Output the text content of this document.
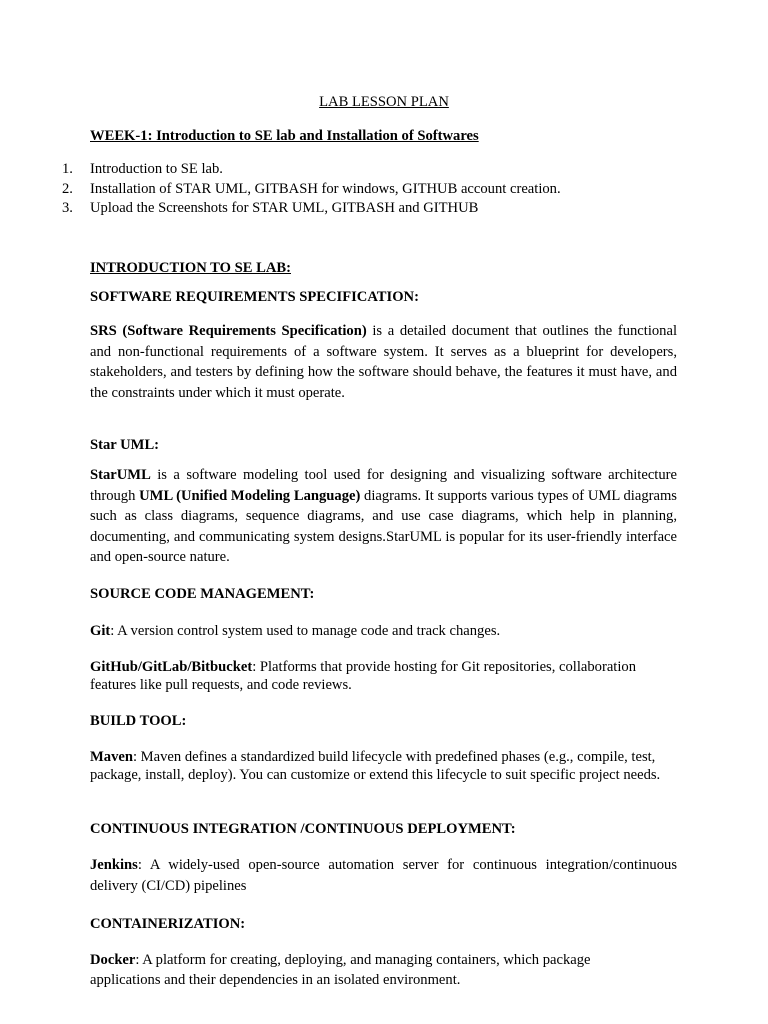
LAB LESSON PLAN
WEEK-1: Introduction to SE lab and Installation of Softwares
1. Introduction to SE lab.
2. Installation of STAR UML, GITBASH for windows, GITHUB account creation.
3. Upload the Screenshots for STAR UML, GITBASH and GITHUB
INTRODUCTION TO SE LAB:
SOFTWARE REQUIREMENTS SPECIFICATION:
SRS (Software Requirements Specification) is a detailed document that outlines the functional and non-functional requirements of a software system. It serves as a blueprint for developers, stakeholders, and testers by defining how the software should behave, the features it must have, and the constraints under which it must operate.
Star UML:
StarUML is a software modeling tool used for designing and visualizing software architecture through UML (Unified Modeling Language) diagrams. It supports various types of UML diagrams such as class diagrams, sequence diagrams, and use case diagrams, which help in planning, documenting, and communicating system designs.StarUML is popular for its user-friendly interface and open-source nature.
SOURCE CODE MANAGEMENT:
Git: A version control system used to manage code and track changes.
GitHub/GitLab/Bitbucket: Platforms that provide hosting for Git repositories, collaboration features like pull requests, and code reviews.
BUILD TOOL:
Maven: Maven defines a standardized build lifecycle with predefined phases (e.g., compile, test, package, install, deploy). You can customize or extend this lifecycle to suit specific project needs.
CONTINUOUS INTEGRATION /CONTINUOUS DEPLOYMENT:
Jenkins: A widely-used open-source automation server for continuous integration/continuous delivery (CI/CD) pipelines
CONTAINERIZATION:
Docker: A platform for creating, deploying, and managing containers, which package applications and their dependencies in an isolated environment.
